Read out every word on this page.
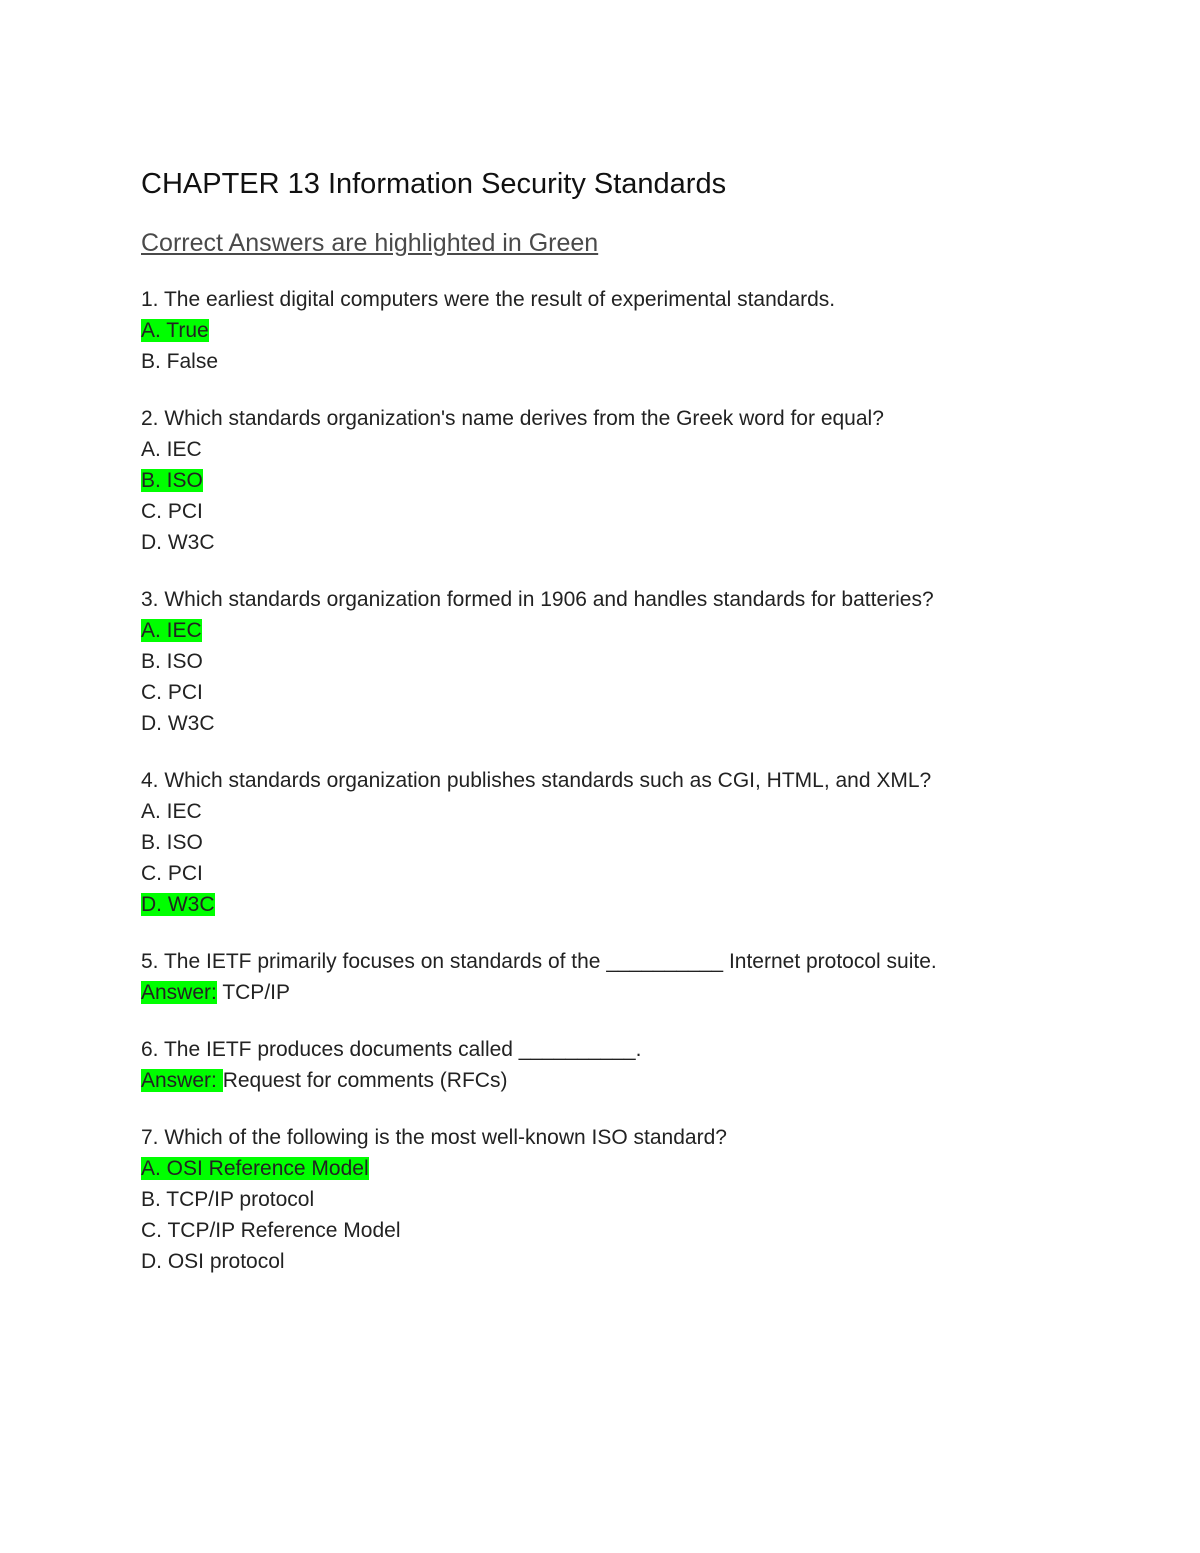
CHAPTER 13 Information Security Standards
Correct Answers are highlighted in Green
1. The earliest digital computers were the result of experimental standards.
A. True
B. False
2. Which standards organization's name derives from the Greek word for equal?
A. IEC
B. ISO
C. PCI
D. W3C
3. Which standards organization formed in 1906 and handles standards for batteries?
A. IEC
B. ISO
C. PCI
D. W3C
4. Which standards organization publishes standards such as CGI, HTML, and XML?
A. IEC
B. ISO
C. PCI
D. W3C
5. The IETF primarily focuses on standards of the __________ Internet protocol suite.
Answer: TCP/IP
6. The IETF produces documents called __________.
Answer: Request for comments (RFCs)
7. Which of the following is the most well-known ISO standard?
A. OSI Reference Model
B. TCP/IP protocol
C. TCP/IP Reference Model
D. OSI protocol
